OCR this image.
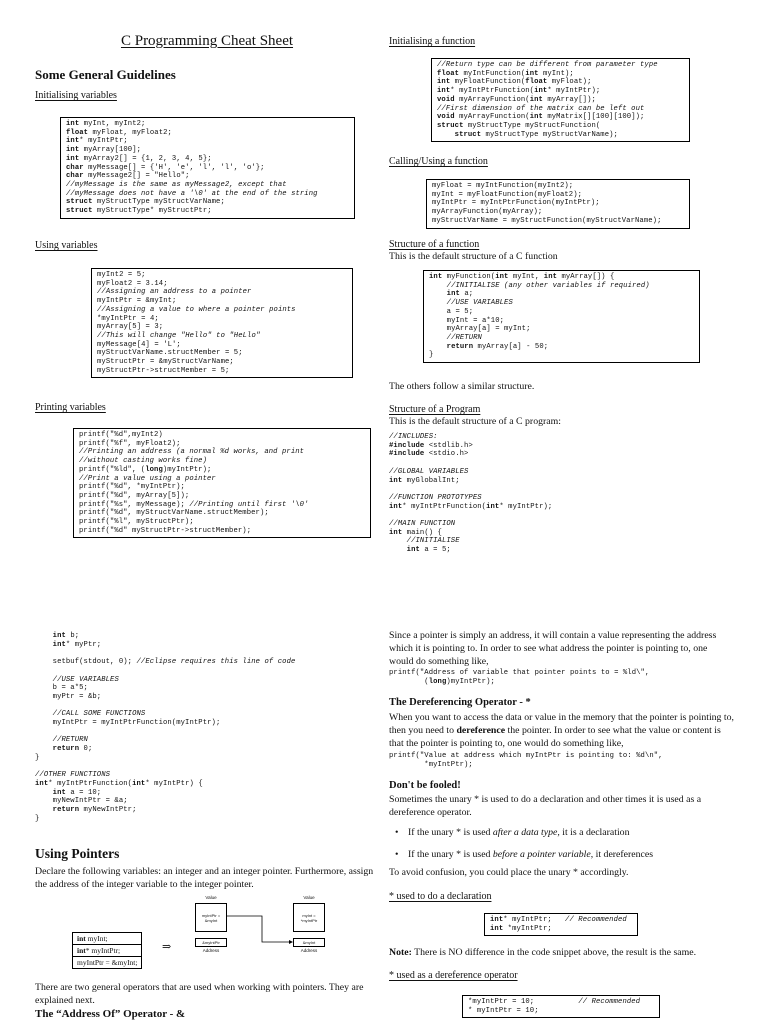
C Programming Cheat Sheet
Some General Guidelines
Initialising variables
int myInt, myInt2;
float myFloat, myFloat2;
int* myIntPtr;
int myArray[100];
int myArray2[] = {1, 2, 3, 4, 5};
char myMessage[] = {'H', 'e', 'l', 'l', 'o'};
char myMessage2[] = "Hello";
//myMessage is the same as myMessage2, except that
//myMessage does not have a '\0' at the end of the string
struct myStructType myStructVarName;
struct myStructType* myStructPtr;
Using variables
myInt2 = 5;
myFloat2 = 3.14;
//Assigning an address to a pointer
myIntPtr = &myInt;
//Assigning a value to where a pointer points
*myIntPtr = 4;
myArray[5] = 3;
//This will change "Hello" to "HeLlo"
myMessage[4] = 'L';
myStructVarName.structMember = 5;
myStructPtr = &myStructVarName;
myStructPtr->structMember = 5;
Printing variables
printf("%d",myInt2)
printf("%f", myFloat2);
//Printing an address (a normal %d works, and print
//without casting works fine)
printf("%ld", (long)myIntPtr);
//Print a value using a pointer
printf("%d", *myIntPtr);
printf("%d", myArray[5]);
printf("%s", myMessage); //Printing until first '\0'
printf("%d", myStructVarName.structMember);
printf("%l", myStructPtr);
printf("%d" myStructPtr->structMember);
Initialising a function
//Return type can be different from parameter type
float myIntFunction(int myInt);
int myFloatFunction(float myFloat);
int* myIntPtrFunction(int* myIntPtr);
void myArrayFunction(int myArray[]);
//First dimension of the matrix can be left out
void myArrayFunction(int myMatrix[][100][100]);
struct myStructType myStructFunction(
struct myStructType myStructVarName);
Calling/Using a function
myFloat = myIntFunction(myInt2);
myInt = myFloatFunction(myFloat2);
myIntPtr = myIntPtrFunction(myIntPtr);
myArrayFunction(myArray);
myStructVarName = myStructFunction(myStructVarName);
Structure of a function
This is the default structure of a C function
int myFunction(int myInt, int myArray[]) {
//INITIALISE (any other variables if required)
int a;
//USE VARIABLES
a = 5;
myInt = a*10;
myArray[a] = myInt;
//RETURN
return myArray[a] - 50;
}
The others follow a similar structure.
Structure of a Program
This is the default structure of a C program:
//INCLUDES:
#include <stdlib.h>
#include <stdio.h>

//GLOBAL VARIABLES
int myGlobalInt;

//FUNCTION PROTOTYPES
int* myIntPtrFunction(int* myIntPtr);

//MAIN FUNCTION
int main() {
//INITIALISE
int a = 5;
int b;
int* myPtr;

setbuf(stdout, 0); //Eclipse requires this line of code

//USE VARIABLES
b = a*5;
myPtr = &b;

//CALL SOME FUNCTIONS
myIntPtr = myIntPtrFunction(myIntPtr);

//RETURN
return 0;
}

//OTHER FUNCTIONS
int* myIntPtrFunction(int* myIntPtr) {
int a = 10;
myNewIntPtr = &a;
return myNewIntPtr;
}
Using Pointers
Declare the following variables: an integer and an integer pointer. Furthermore, assign the address of the integer variable to the integer pointer.
int myInt;
int* myIntPtr;
myIntPtr = &myInt;
⇒
Value
myIntPtr = &myInt
&myIntPtr
Address
Value
myInt = *myIntPtr
&myInt
Address
There are two general operators that are used when working with pointers. They are explained next.
The “Address Of” Operator - &
Since a pointer is simply an address, it will contain a value representing the address which it is pointing to. In order to see what address the pointer is pointing to, one would do something like,
printf("Address of variable that pointer points to = %ld\",
(long)myIntPtr);
The Dereferencing Operator - *
When you want to access the data or value in the memory that the pointer is pointing to, then you need to dereference the pointer. In order to see what the value or content is that the pointer is pointing to, one would do something like,
printf("Value at address which myIntPtr is pointing to: %d\n",
*myIntPtr);
Don't be fooled!
Sometimes the unary * is used to do a declaration and other times it is used as a dereference operator.
• If the unary * is used after a data type, it is a declaration
• If the unary * is used before a pointer variable, it dereferences
To avoid confusion, you could place the unary * accordingly.
* used to do a declaration
int* myIntPtr;   // Recommended
int *myIntPtr;
Note: There is NO difference in the code snippet above, the result is the same.
* used as a dereference operator
*myIntPtr = 10;          // Recommended
* myIntPtr = 10;
